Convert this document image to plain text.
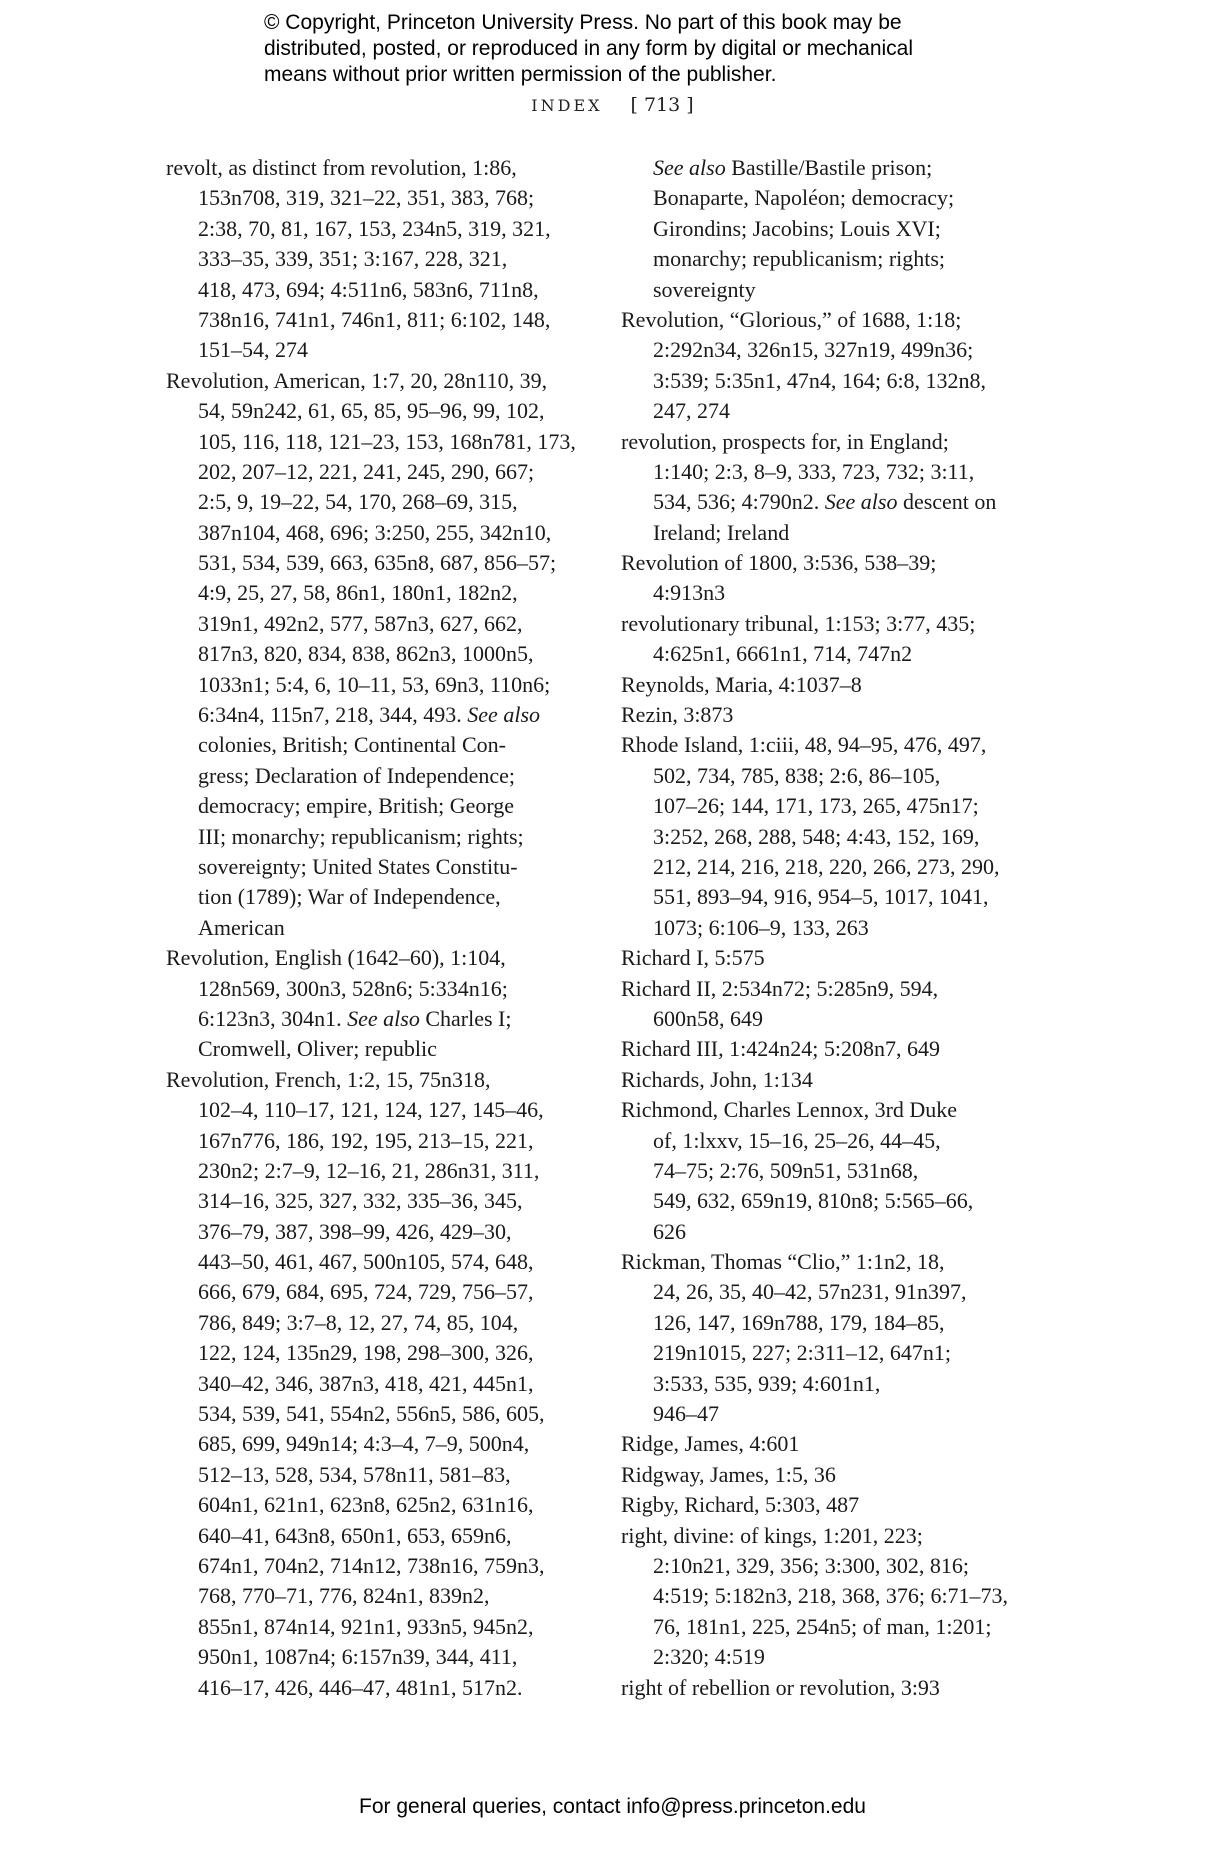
© Copyright, Princeton University Press. No part of this book may be
distributed, posted, or reproduced in any form by digital or mechanical
means without prior written permission of the publisher.
INDEX [ 713 ]
revolt, as distinct from revolution, 1:86,
153n708, 319, 321–22, 351, 383, 768;
2:38, 70, 81, 167, 153, 234n5, 319, 321,
333–35, 339, 351; 3:167, 228, 321,
418, 473, 694; 4:511n6, 583n6, 711n8,
738n16, 741n1, 746n1, 811; 6:102, 148,
151–54, 274
Revolution, American, 1:7, 20, 28n110, 39,
54, 59n242, 61, 65, 85, 95–96, 99, 102,
105, 116, 118, 121–23, 153, 168n781, 173,
202, 207–12, 221, 241, 245, 290, 667;
2:5, 9, 19–22, 54, 170, 268–69, 315,
387n104, 468, 696; 3:250, 255, 342n10,
531, 534, 539, 663, 635n8, 687, 856–57;
4:9, 25, 27, 58, 86n1, 180n1, 182n2,
319n1, 492n2, 577, 587n3, 627, 662,
817n3, 820, 834, 838, 862n3, 1000n5,
1033n1; 5:4, 6, 10–11, 53, 69n3, 110n6;
6:34n4, 115n7, 218, 344, 493. See also
colonies, British; Continental Con-
gress; Declaration of Independence;
democracy; empire, British; George
III; monarchy; republicanism; rights;
sovereignty; United States Constitu-
tion (1789); War of Independence,
American
Revolution, English (1642–60), 1:104,
128n569, 300n3, 528n6; 5:334n16;
6:123n3, 304n1. See also Charles I;
Cromwell, Oliver; republic
Revolution, French, 1:2, 15, 75n318,
102–4, 110–17, 121, 124, 127, 145–46,
167n776, 186, 192, 195, 213–15, 221,
230n2; 2:7–9, 12–16, 21, 286n31, 311,
314–16, 325, 327, 332, 335–36, 345,
376–79, 387, 398–99, 426, 429–30,
443–50, 461, 467, 500n105, 574, 648,
666, 679, 684, 695, 724, 729, 756–57,
786, 849; 3:7–8, 12, 27, 74, 85, 104,
122, 124, 135n29, 198, 298–300, 326,
340–42, 346, 387n3, 418, 421, 445n1,
534, 539, 541, 554n2, 556n5, 586, 605,
685, 699, 949n14; 4:3–4, 7–9, 500n4,
512–13, 528, 534, 578n11, 581–83,
604n1, 621n1, 623n8, 625n2, 631n16,
640–41, 643n8, 650n1, 653, 659n6,
674n1, 704n2, 714n12, 738n16, 759n3,
768, 770–71, 776, 824n1, 839n2,
855n1, 874n14, 921n1, 933n5, 945n2,
950n1, 1087n4; 6:157n39, 344, 411,
416–17, 426, 446–47, 481n1, 517n2.
See also Bastille/Bastile prison;
Bonaparte, Napoléon; democracy;
Girondins; Jacobins; Louis XVI;
monarchy; republicanism; rights;
sovereignty
Revolution, “Glorious,” of 1688, 1:18;
2:292n34, 326n15, 327n19, 499n36;
3:539; 5:35n1, 47n4, 164; 6:8, 132n8,
247, 274
revolution, prospects for, in England;
1:140; 2:3, 8–9, 333, 723, 732; 3:11,
534, 536; 4:790n2. See also descent on
Ireland; Ireland
Revolution of 1800, 3:536, 538–39;
4:913n3
revolutionary tribunal, 1:153; 3:77, 435;
4:625n1, 6661n1, 714, 747n2
Reynolds, Maria, 4:1037–8
Rezin, 3:873
Rhode Island, 1:ciii, 48, 94–95, 476, 497,
502, 734, 785, 838; 2:6, 86–105,
107–26; 144, 171, 173, 265, 475n17;
3:252, 268, 288, 548; 4:43, 152, 169,
212, 214, 216, 218, 220, 266, 273, 290,
551, 893–94, 916, 954–5, 1017, 1041,
1073; 6:106–9, 133, 263
Richard I, 5:575
Richard II, 2:534n72; 5:285n9, 594,
600n58, 649
Richard III, 1:424n24; 5:208n7, 649
Richards, John, 1:134
Richmond, Charles Lennox, 3rd Duke
of, 1:lxxv, 15–16, 25–26, 44–45,
74–75; 2:76, 509n51, 531n68,
549, 632, 659n19, 810n8; 5:565–66,
626
Rickman, Thomas “Clio,” 1:1n2, 18,
24, 26, 35, 40–42, 57n231, 91n397,
126, 147, 169n788, 179, 184–85,
219n1015, 227; 2:311–12, 647n1;
3:533, 535, 939; 4:601n1,
946–47
Ridge, James, 4:601
Ridgway, James, 1:5, 36
Rigby, Richard, 5:303, 487
right, divine: of kings, 1:201, 223;
2:10n21, 329, 356; 3:300, 302, 816;
4:519; 5:182n3, 218, 368, 376; 6:71–73,
76, 181n1, 225, 254n5; of man, 1:201;
2:320; 4:519
right of rebellion or revolution, 3:93
For general queries, contact info@press.princeton.edu
